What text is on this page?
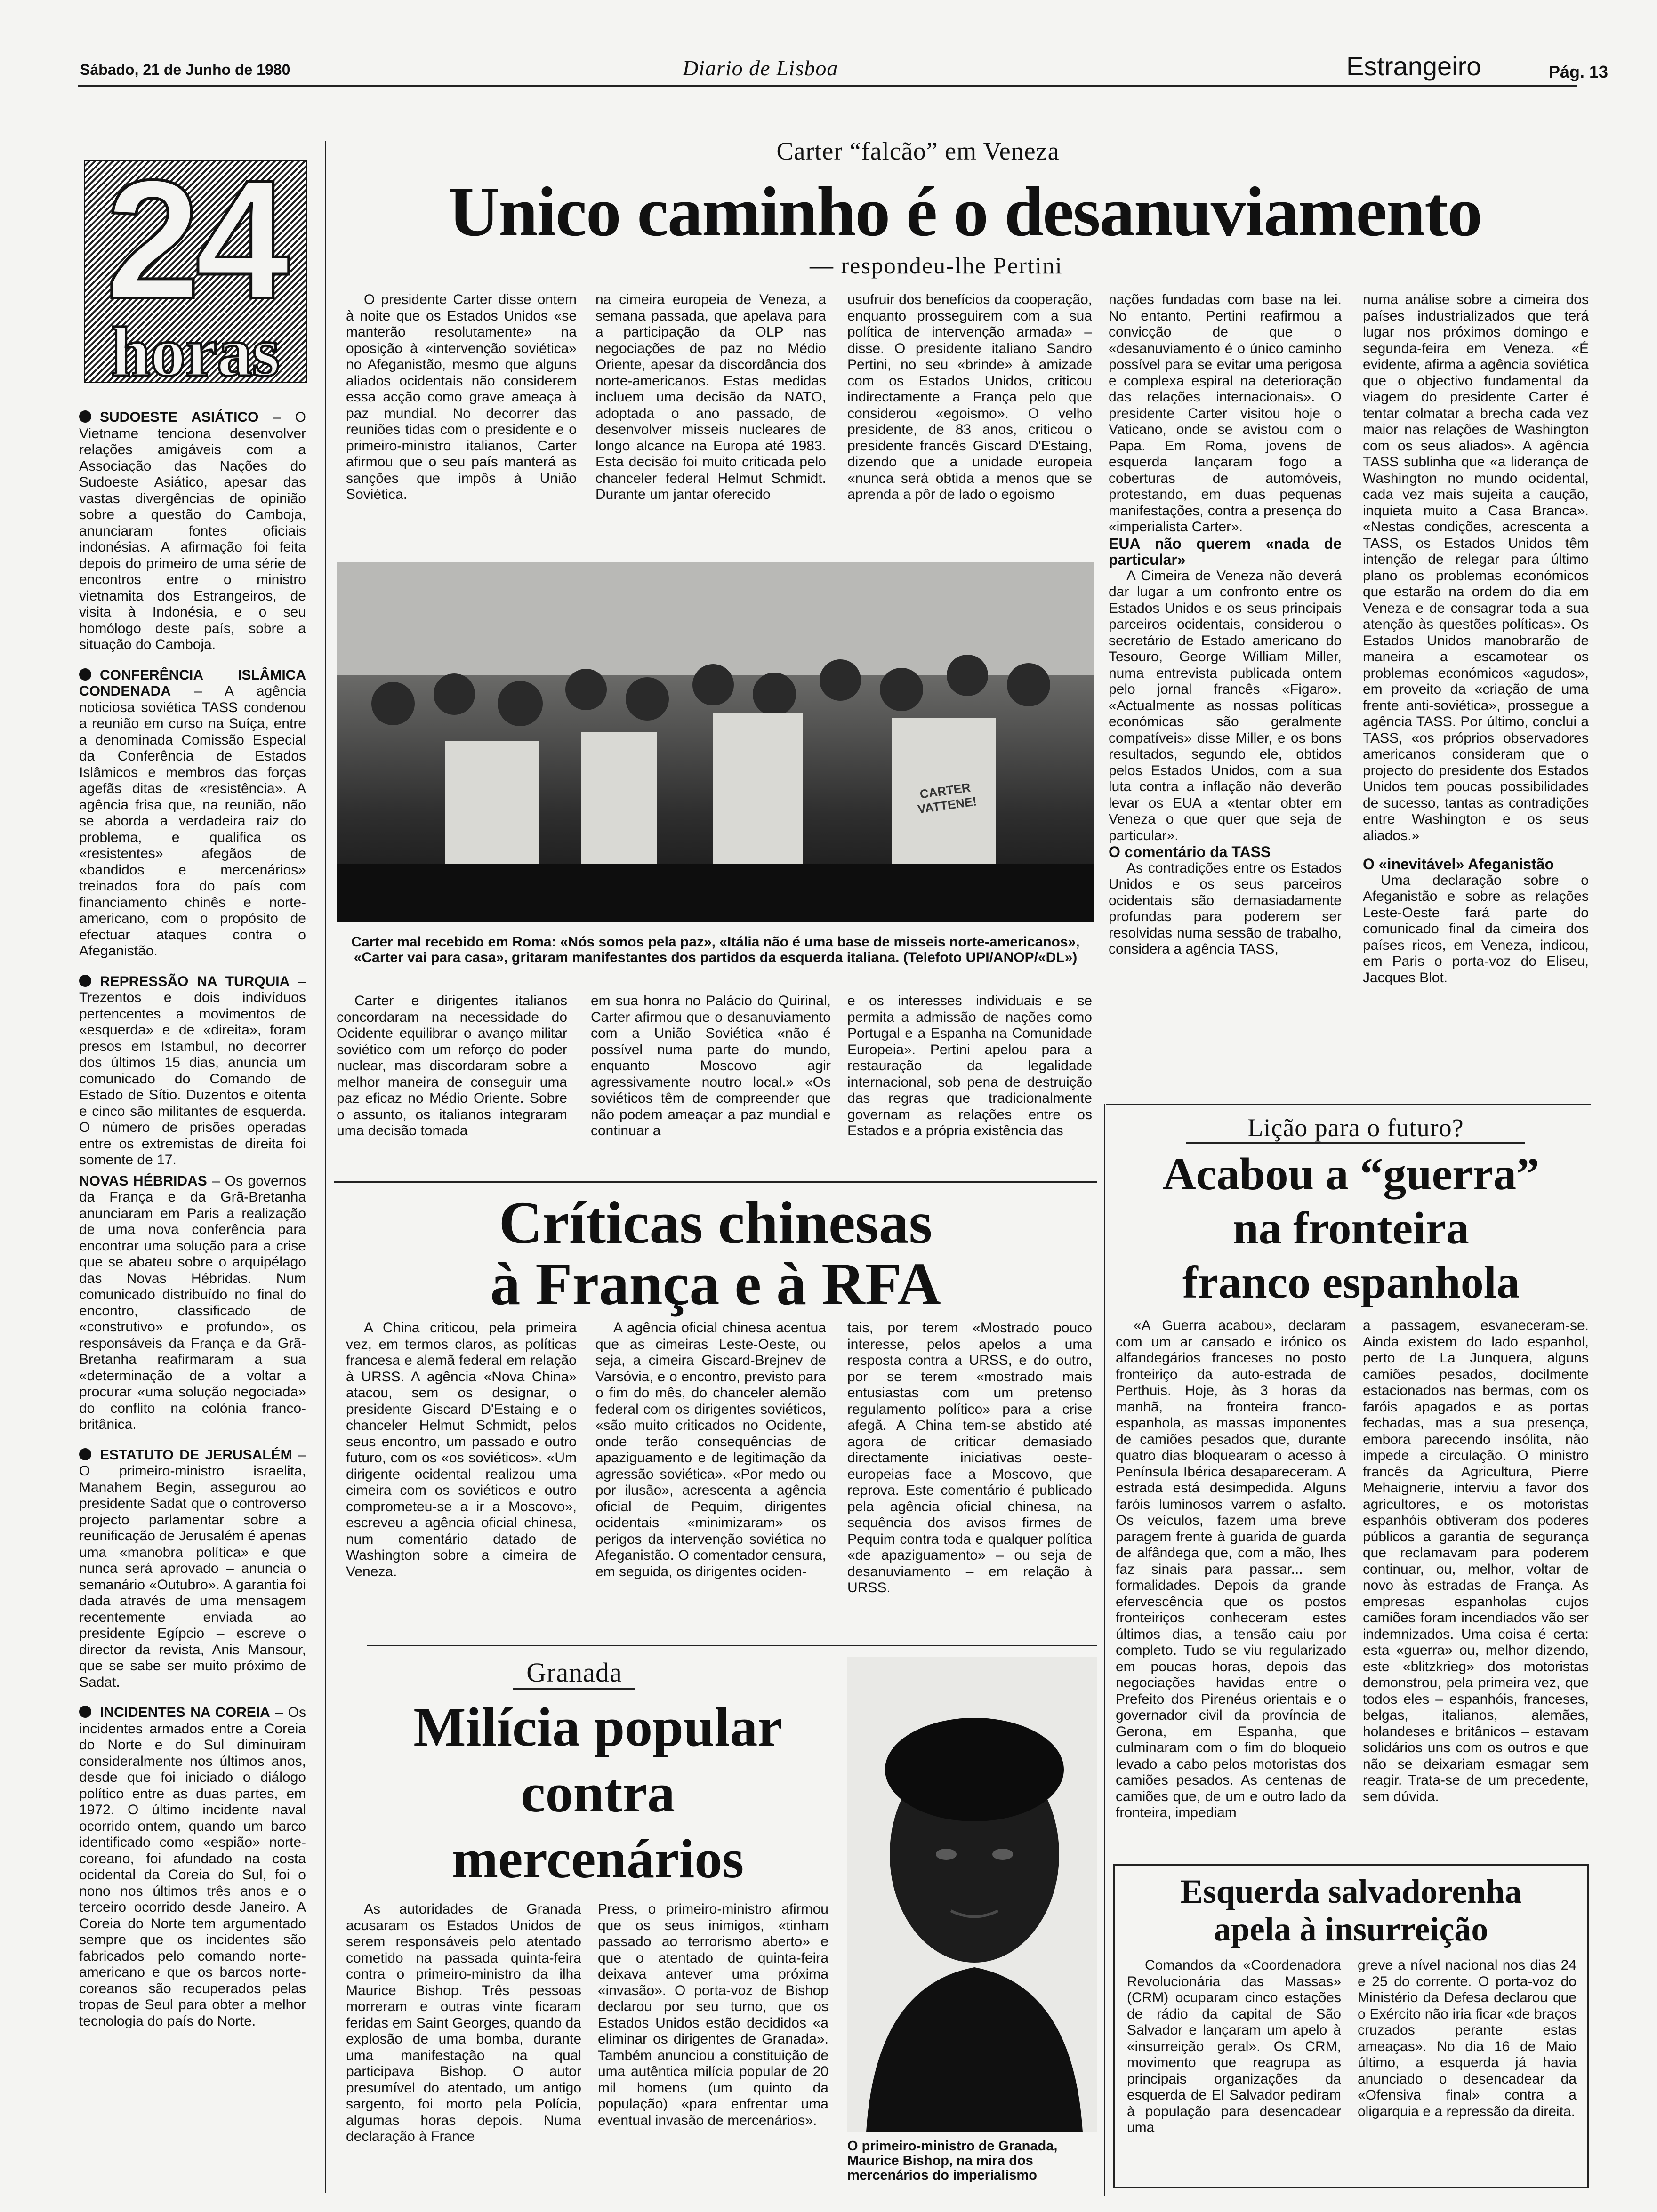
Sábado, 21 de Junho de 1980	Diario de Lisboa	Estrangeiro	Pág. 13
24
horas

SUDOESTE ASIÁTICO – O Vietname tenciona desenvolver relações amigáveis com a Associação das Nações do Sudoeste Asiático, apesar das vastas divergências de opinião sobre a questão do Camboja, anunciaram fontes oficiais indonésias. A afirmação foi feita depois do primeiro de uma série de encontros entre o ministro vietnamita dos Estrangeiros, de visita à Indonésia, e o seu homólogo deste país, sobre a situação do Camboja.

CONFERÊNCIA ISLÂMICA CONDENADA – A agência noticiosa soviética TASS condenou a reunião em curso na Suíça, entre a denominada Comissão Especial da Conferência de Estados Islâmicos e membros das forças agefãs ditas de «resistência». A agência frisa que, na reunião, não se aborda a verdadeira raiz do problema, e qualifica os «resistentes» afegãos de «bandidos e mercenários» treinados fora do país com financiamento chinês e norte-americano, com o propósito de efectuar ataques contra o Afeganistão.

REPRESSÃO NA TURQUIA – Trezentos e dois indivíduos pertencentes a movimentos de «esquerda» e de «direita», foram presos em Istambul, no decorrer dos últimos 15 dias, anuncia um comunicado do Comando de Estado de Sítio. Duzentos e oitenta e cinco são militantes de esquerda. O número de prisões operadas entre os extremistas de direita foi somente de 17.

NOVAS HÉBRIDAS – Os governos da França e da Grã-Bretanha anunciaram em Paris a realização de uma nova conferência para encontrar uma solução para a crise que se abateu sobre o arquipélago das Novas Hébridas. Num comunicado distribuído no final do encontro, classificado de «construtivo» e profundo», os responsáveis da França e da Grã-Bretanha reafirmaram a sua «determinação de a voltar a procurar «uma solução negociada» do conflito na colónia franco-britânica.

ESTATUTO DE JERUSALÉM – O primeiro-ministro israelita, Manahem Begin, assegurou ao presidente Sadat que o controverso projecto parlamentar sobre a reunificação de Jerusalém é apenas uma «manobra política» e que nunca será aprovado – anuncia o semanário «Outubro». A garantia foi dada através de uma mensagem recentemente enviada ao presidente Egípcio – escreve o director da revista, Anis Mansour, que se sabe ser muito próximo de Sadat.

INCIDENTES NA COREIA – Os incidentes armados entre a Coreia do Norte e do Sul diminuiram consideralmente nos últimos anos, desde que foi iniciado o diálogo político entre as duas partes, em 1972. O último incidente naval ocorrido ontem, quando um barco identificado como «espião» norte-coreano, foi afundado na costa ocidental da Coreia do Sul, foi o nono nos últimos três anos e o terceiro ocorrido desde Janeiro. A Coreia do Norte tem argumentado sempre que os incidentes são fabricados pelo comando norte-americano e que os barcos norte-coreanos são recuperados pelas tropas de Seul para obter a melhor tecnologia do país do Norte.

Carter “falcão” em Veneza
Unico caminho é o desanuviamento
— respondeu-lhe Pertini

O presidente Carter disse ontem à noite que os Estados Unidos «se manterão resolutamente» na oposição à «intervenção soviética» no Afeganistão, mesmo que alguns aliados ocidentais não considerem essa acção como grave ameaça à paz mundial. No decorrer das reuniões tidas com o presidente e o primeiro-ministro italianos, Carter afirmou que o seu país manterá as sanções que impôs à União Soviética.

na cimeira europeia de Veneza, a semana passada, que apelava para a participação da OLP nas negociações de paz no Médio Oriente, apesar da discordância dos norte-americanos. Estas medidas incluem uma decisão da NATO, adoptada o ano passado, de desenvolver misseis nucleares de longo alcance na Europa até 1983. Esta decisão foi muito criticada pelo chanceler federal Helmut Schmidt. Durante um jantar oferecido

usufruir dos benefícios da cooperação, enquanto prosseguirem com a sua política de intervenção armada» – disse. O presidente italiano Sandro Pertini, no seu «brinde» à amizade com os Estados Unidos, criticou indirectamente a França pelo que considerou «egoismo». O velho presidente, de 83 anos, criticou o presidente francês Giscard D'Estaing, dizendo que a unidade europeia «nunca será obtida a menos que se aprenda a pôr de lado o egoismo

nações fundadas com base na lei. No entanto, Pertini reafirmou a convicção de que o «desanuviamento é o único caminho possível para se evitar uma perigosa e complexa espiral na deterioração das relações internacionais». O presidente Carter visitou hoje o Vaticano, onde se avistou com o Papa. Em Roma, jovens de esquerda lançaram fogo a coberturas de automóveis, protestando, em duas pequenas manifestações, contra a presença do «imperialista Carter».

EUA não querem «nada de particular»

A Cimeira de Veneza não deverá dar lugar a um confronto entre os Estados Unidos e os seus principais parceiros ocidentais, considerou o secretário de Estado americano do Tesouro, George William Miller, numa entrevista publicada ontem pelo jornal francês «Figaro». «Actualmente as nossas políticas económicas são geralmente compatíveis» disse Miller, e os bons resultados, segundo ele, obtidos pelos Estados Unidos, com a sua luta contra a inflação não deverão levar os EUA a «tentar obter em Veneza o que quer que seja de particular».

O comentário da TASS

As contradições entre os Estados Unidos e os seus parceiros ocidentais são demasiadamente profundas para poderem ser resolvidas numa sessão de trabalho, considera a agência TASS,

numa análise sobre a cimeira dos países industrializados que terá lugar nos próximos domingo e segunda-feira em Veneza. «É evidente, afirma a agência soviética que o objectivo fundamental da viagem do presidente Carter é tentar colmatar a brecha cada vez maior nas relações de Washington com os seus aliados». A agência TASS sublinha que «a liderança de Washington no mundo ocidental, cada vez mais sujeita a caução, inquieta muito a Casa Branca». «Nestas condições, acrescenta a TASS, os Estados Unidos têm intenção de relegar para último plano os problemas económicos que estarão na ordem do dia em Veneza e de consagrar toda a sua atenção às questões políticas». Os Estados Unidos manobrarão de maneira a escamotear os problemas económicos «agudos», em proveito da «criação de uma frente anti-soviética», prossegue a agência TASS. Por último, conclui a TASS, «os próprios observadores americanos consideram que o projecto do presidente dos Estados Unidos tem poucas possibilidades de sucesso, tantas as contradições entre Washington e os seus aliados.»

O «inevitável» Afeganistão

Uma declaração sobre o Afeganistão e sobre as relações Leste-Oeste fará parte do comunicado final da cimeira dos países ricos, em Veneza, indicou, em Paris o porta-voz do Eliseu, Jacques Blot.

CARTER VATTENE!
Carter mal recebido em Roma: «Nós somos pela paz», «Itália não é uma base de misseis norte-americanos», «Carter vai para casa», gritaram manifestantes dos partidos da esquerda italiana. (Telefoto UPI/ANOP/«DL»)

Carter e dirigentes italianos concordaram na necessidade do Ocidente equilibrar o avanço militar soviético com um reforço do poder nuclear, mas discordaram sobre a melhor maneira de conseguir uma paz eficaz no Médio Oriente. Sobre o assunto, os italianos integraram uma decisão tomada

em sua honra no Palácio do Quirinal, Carter afirmou que o desanuviamento com a União Soviética «não é possível numa parte do mundo, enquanto Moscovo agir agressivamente noutro local.» «Os soviéticos têm de compreender que não podem ameaçar a paz mundial e continuar a

e os interesses individuais e se permita a admissão de nações como Portugal e a Espanha na Comunidade Europeia». Pertini apelou para a restauração da legalidade internacional, sob pena de destruição das regras que tradicionalmente governam as relações entre os Estados e a própria existência das

Críticas chinesas
à França e à RFA

A China criticou, pela primeira vez, em termos claros, as políticas francesa e alemã federal em relação à URSS. A agência «Nova China» atacou, sem os designar, o presidente Giscard D'Estaing e o chanceler Helmut Schmidt, pelos seus encontro, um passado e outro futuro, com os «os soviéticos». «Um dirigente ocidental realizou uma cimeira com os soviéticos e outro comprometeu-se a ir a Moscovo», escreveu a agência oficial chinesa, num comentário datado de Washington sobre a cimeira de Veneza.

A agência oficial chinesa acentua que as cimeiras Leste-Oeste, ou seja, a cimeira Giscard-Brejnev de Varsóvia, e o encontro, previsto para o fim do mês, do chanceler alemão federal com os dirigentes soviéticos, «são muito criticados no Ocidente, onde terão consequências de apaziguamento e de legitimação da agressão soviética». «Por medo ou por ilusão», acrescenta a agência oficial de Pequim, dirigentes ocidentais «minimizaram» os perigos da intervenção soviética no Afeganistão. O comentador censura, em seguida, os dirigentes ociden-

tais, por terem «Mostrado pouco interesse, pelos apelos a uma resposta contra a URSS, e do outro, por se terem «mostrado mais entusiastas com um pretenso regulamento político» para a crise afegã. A China tem-se abstido até agora de criticar demasiado directamente iniciativas oeste-europeias face a Moscovo, que reprova. Este comentário é publicado pela agência oficial chinesa, na sequência dos avisos firmes de Pequim contra toda e qualquer política «de apaziguamento» – ou seja de desanuviamento – em relação à URSS.

Granada
Milícia popular
contra
mercenários

As autoridades de Granada acusaram os Estados Unidos de serem responsáveis pelo atentado cometido na passada quinta-feira contra o primeiro-ministro da ilha Maurice Bishop. Três pessoas morreram e outras vinte ficaram feridas em Saint Georges, quando da explosão de uma bomba, durante uma manifestação na qual participava Bishop. O autor presumível do atentado, um antigo sargento, foi morto pela Polícia, algumas horas depois. Numa declaração à France

Press, o primeiro-ministro afirmou que os seus inimigos, «tinham passado ao terrorismo aberto» e que o atentado de quinta-feira deixava antever uma próxima «invasão». O porta-voz de Bishop declarou por seu turno, que os Estados Unidos estão decididos «a eliminar os dirigentes de Granada». Também anunciou a constituição de uma autêntica milícia popular de 20 mil homens (um quinto da população) «para enfrentar uma eventual invasão de mercenários».

O primeiro-ministro de Granada, Maurice Bishop, na mira dos mercenários do imperialismo
Lição para o futuro?
Acabou a “guerra”
na fronteira
franco espanhola

«A Guerra acabou», declaram com um ar cansado e irónico os alfandegários franceses no posto fronteiriço da auto-estrada de Perthuis. Hoje, às 3 horas da manhã, na fronteira franco-espanhola, as massas imponentes de camiões pesados que, durante quatro dias bloquearam o acesso à Península Ibérica desapareceram. A estrada está desimpedida. Alguns faróis luminosos varrem o asfalto. Os veículos, fazem uma breve paragem frente à guarida de guarda de alfândega que, com a mão, lhes faz sinais para passar... sem formalidades. Depois da grande efervescência que os postos fronteiriços conheceram estes últimos dias, a tensão caiu por completo. Tudo se viu regularizado em poucas horas, depois das negociações havidas entre o Prefeito dos Pirenéus orientais e o governador civil da província de Gerona, em Espanha, que culminaram com o fim do bloqueio levado a cabo pelos motoristas dos camiões pesados. As centenas de camiões que, de um e outro lado da fronteira, impediam

a passagem, esvaneceram-se. Ainda existem do lado espanhol, perto de La Junquera, alguns camiões pesados, docilmente estacionados nas bermas, com os faróis apagados e as portas fechadas, mas a sua presença, embora parecendo insólita, não impede a circulação. O ministro francês da Agricultura, Pierre Mehaignerie, interviu a favor dos agricultores, e os motoristas espanhóis obtiveram dos poderes públicos a garantia de segurança que reclamavam para poderem continuar, ou, melhor, voltar de novo às estradas de França. As empresas espanholas cujos camiões foram incendiados vão ser indemnizados. Uma coisa é certa: esta «guerra» ou, melhor dizendo, este «blitzkrieg» dos motoristas demonstrou, pela primeira vez, que todos eles – espanhóis, franceses, belgas, italianos, alemães, holandeses e britânicos – estavam solidários uns com os outros e que não se deixariam esmagar sem reagir. Trata-se de um precedente, sem dúvida.

Esquerda salvadorenha
apela à insurreição

Comandos da «Coordenadora Revolucionária das Massas» (CRM) ocuparam cinco estações de rádio da capital de São Salvador e lançaram um apelo à «insurreição geral». Os CRM, movimento que reagrupa as principais organizações da esquerda de El Salvador pediram à população para desencadear uma

greve a nível nacional nos dias 24 e 25 do corrente. O porta-voz do Ministério da Defesa declarou que o Exército não iria ficar «de braços cruzados perante estas ameaças». No dia 16 de Maio último, a esquerda já havia anunciado o desencadear da «Ofensiva final» contra a oligarquia e a repressão da direita.
